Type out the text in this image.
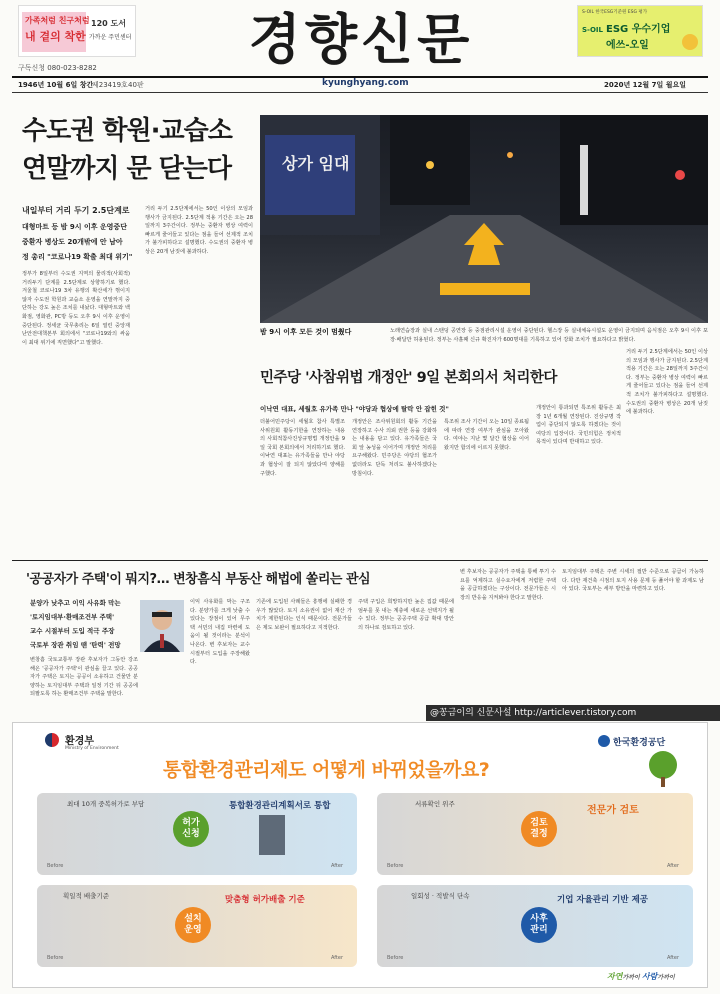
가족처럼 친구처럼
내 곁의 착한
120 도서
가까운 주민센터	경향신문	S-OIL 한국ESG기준원 ESG 평가
S-OIL ESG 우수기업
에쓰-오일
구독신청 080-023-8282
1946년 10월 6일 창간
제23419호 40판	kyunghyang.com	2020년 12월 7일 월요일
수도권 학원·교습소
연말까지 문 닫는다
내일부터 거리 두기 2.5단계로
대형마트 등 밤 9시 이후 운영중단
중환자 병상도 20개밖에 안 남아
정 총리 "코로나19 확출 최대 위기"
정부가 8일부터 수도권 지역의 물리적(사회적) 거리두기 단계를 2.5단계로 상향하기로 했다. 겨울철 코로나19 3차 유행의 확산세가 꺾이지 않자 수도권 학원과 교습소 운영을 연말까지 중단하는 강도 높은 조치를 내놨다. 대형마트와 백화점, 영화관, PC방 등도 오후 9시 이후 운영이 중단된다. 정세균 국무총리는 6일 열린 중앙재난안전대책본부 회의에서 "코로나19와의 싸움이 최대 위기에 직면했다"고 말했다.
거리 두기 2.5단계에서는 50인 이상의 모임과 행사가 금지된다. 2.5단계 적용 기간은 오는 28일까지 3주간이다. 정부는 중환자 병상 여력이 빠르게 줄어들고 있다는 점을 들어 선제적 조치가 불가피하다고 설명했다. 수도권의 중환자 병상은 20개 남짓에 불과하다.
상가 임대
밤 9시 이후 모든 것이 멈췄다	노래연습장과 실내 스탠딩 공연장 등 중점관리시설 운영이 중단된다. 헬스장 등 실내체육시설도 운영이 금지되며 음식점은 오후 9시 이후 포장·배달만 허용된다. 정부는 사흘째 신규 확진자가 600명대를 기록하고 있어 강화 조치가 필요하다고 밝혔다.
민주당 '사참위법 개정안' 9일 본회의서 처리한다
이낙연 대표, 세월호 유가족 만나 "야당과 협상에 탈락 안 잡힌 것"
더불어민주당이 세월호 참사 특별조사위원회 활동기한을 연장하는 내용의 사회적참사진상규명법 개정안을 9일 국회 본회의에서 처리하기로 했다. 이낙연 대표는 유가족들을 만나 야당과 협상이 잘 되지 않았다며 양해를 구했다.
개정안은 조사위원회의 활동 기간을 연장하고 수사 의뢰 권한 등을 강화하는 내용을 담고 있다. 유가족들은 국회 앞 농성을 이어가며 개정안 처리를 요구해왔다. 민주당은 야당의 협조가 없더라도 단독 처리도 불사하겠다는 방침이다.
특조위 조사 기간이 오는 10일 종료됨에 따라 연장 여부가 관심을 모아왔다. 여야는 지난 몇 달간 협상을 이어왔지만 합의에 이르지 못했다.
개정안이 통과되면 특조위 활동은 최장 1년 6개월 연장된다. 진상규명 작업이 중단되지 않도록 하겠다는 것이 여당의 입장이다. 국민의힘은 정치적 목적이 있다며 반대하고 있다.
거리 두기 2.5단계에서는 50인 이상의 모임과 행사가 금지된다. 2.5단계 적용 기간은 오는 28일까지 3주간이다. 정부는 중환자 병상 여력이 빠르게 줄어들고 있다는 점을 들어 선제적 조치가 불가피하다고 설명했다. 수도권의 중환자 병상은 20개 남짓에 불과하다.
'공공자가 주택'이 뭐지?… 변창흠식 부동산 해법에 쏠리는 관심
분양가 낮추고 이익 사유화 막는
'토지임대부·환매조건부 주택'
교수 시절부터 도입 적극 주장
국토부 장관 취임 땐 '탄력' 전망
변창흠 국토교통부 장관 후보자가 그동안 강조해온 '공공자가 주택'이 관심을 끌고 있다. 공공자가 주택은 토지는 공공이 소유하고 건물만 분양하는 토지임대부 주택과 일정 기간 뒤 공공에 되팔도록 하는 환매조건부 주택을 말한다.
이익 사유화를 막는 구조다. 분양가를 크게 낮출 수 있다는 장점이 있어 무주택 서민의 내집 마련에 도움이 될 것이라는 분석이 나온다. 변 후보자는 교수 시절부터 도입을 주장해왔다.
기존에 도입된 사례들은 흥행에 실패한 경우가 많았다. 토지 소유권이 없어 재산 가치가 제한된다는 인식 때문이다. 전문가들은 제도 보완이 필요하다고 지적한다.
주택 구입은 희망하지만 높은 집값 때문에 엄두를 못 내는 계층에 새로운 선택지가 될 수 있다. 정부는 공공주택 공급 확대 방안의 하나로 검토하고 있다.
변 후보자는 공공자가 주택을 통해 투기 수요를 억제하고 실수요자에게 저렴한 주택을 공급하겠다는 구상이다. 전문가들은 시장의 반응을 지켜봐야 한다고 말한다.
토지임대부 주택은 주변 시세의 절반 수준으로 공급이 가능하다. 다만 재건축 시점의 토지 사용 문제 등 풀어야 할 과제도 남아 있다. 국토부는 세부 방안을 마련하고 있다.
@꽁금이의 신문사설 http://articlever.tistory.com
환경부
Ministry of Environment
한국환경공단
통합환경관리제도 어떻게 바뀌었을까요?
최대 10개 중복허가로 부담	통합환경관리계획서로 통합
허가
신청
Before	After
서류확인 위주
전문가 검토
검토
결정
Before	After
획일적 배출기준	맞춤형 허가배출 기준
설치
운영
Before	After
일회성 · 적발식 단속	기업 자율관리 기반 제공
사후
관리
Before	After
자연가까이 사람가까이
